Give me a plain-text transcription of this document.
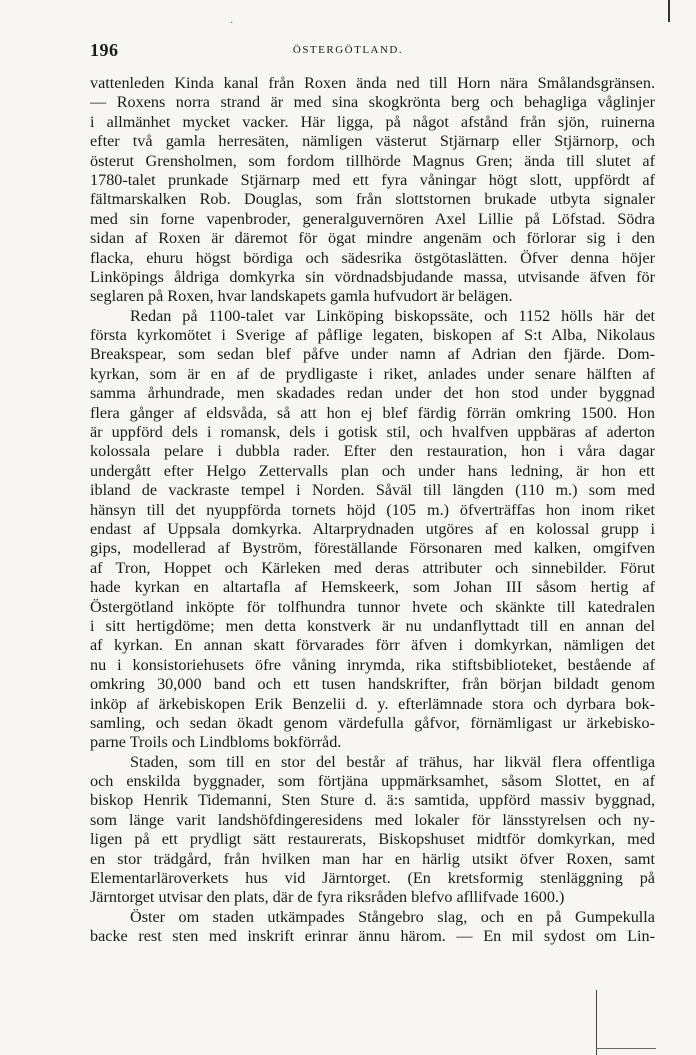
·
196	ÖSTERGÖTLAND.
vattenleden Kinda kanal från Roxen ända ned till Horn nära Smålandsgränsen.
— Roxens norra strand är med sina skogkrönta berg och behagliga våglinjer
i allmänhet mycket vacker. Här ligga, på något afstånd från sjön, ruinerna
efter två gamla herresäten, nämligen västerut Stjärnarp eller Stjärnorp, och
österut Grensholmen, som fordom tillhörde Magnus Gren; ända till slutet af
1780-talet prunkade Stjärnarp med ett fyra våningar högt slott, uppfördt af
fältmarskalken Rob. Douglas, som från slottstornen brukade utbyta signaler
med sin forne vapenbroder, generalguvernören Axel Lillie på Löfstad. Södra
sidan af Roxen är däremot för ögat mindre angenäm och förlorar sig i den
flacka, ehuru högst bördiga och sädesrika östgötaslätten. Öfver denna höjer
Linköpings åldriga domkyrka sin vördnadsbjudande massa, utvisande äfven för
seglaren på Roxen, hvar landskapets gamla hufvudort är belägen.
Redan på 1100-talet var Linköping biskopssäte, och 1152 hölls här det
första kyrkomötet i Sverige af påflige legaten, biskopen af S:t Alba, Nikolaus
Breakspear, som sedan blef påfve under namn af Adrian den fjärde. Dom-
kyrkan, som är en af de prydligaste i riket, anlades under senare hälften af
samma århundrade, men skadades redan under det hon stod under byggnad
flera gånger af eldsvåda, så att hon ej blef färdig förrän omkring 1500. Hon
är uppförd dels i romansk, dels i gotisk stil, och hvalfven uppbäras af aderton
kolossala pelare i dubbla rader. Efter den restauration, hon i våra dagar
undergått efter Helgo Zettervalls plan och under hans ledning, är hon ett
ibland de vackraste tempel i Norden. Såväl till längden (110 m.) som med
hänsyn till det nyuppförda tornets höjd (105 m.) öfverträffas hon inom riket
endast af Uppsala domkyrka. Altarprydnaden utgöres af en kolossal grupp i
gips, modellerad af Byström, föreställande Försonaren med kalken, omgifven
af Tron, Hoppet och Kärleken med deras attributer och sinnebilder. Förut
hade kyrkan en altartafla af Hemskeerk, som Johan III såsom hertig af
Östergötland inköpte för tolfhundra tunnor hvete och skänkte till katedralen
i sitt hertigdöme; men detta konstverk är nu undanflyttadt till en annan del
af kyrkan. En annan skatt förvarades förr äfven i domkyrkan, nämligen det
nu i konsistoriehusets öfre våning inrymda, rika stiftsbiblioteket, bestående af
omkring 30,000 band och ett tusen handskrifter, från början bildadt genom
inköp af ärkebiskopen Erik Benzelii d. y. efterlämnade stora och dyrbara bok-
samling, och sedan ökadt genom värdefulla gåfvor, förnämligast ur ärkebisko-
parne Troils och Lindbloms bokförråd.
Staden, som till en stor del består af trähus, har likväl flera offentliga
och enskilda byggnader, som förtjäna uppmärksamhet, såsom Slottet, en af
biskop Henrik Tidemanni, Sten Sture d. ä:s samtida, uppförd massiv byggnad,
som länge varit landshöfdingeresidens med lokaler för länsstyrelsen och ny-
ligen på ett prydligt sätt restaurerats, Biskopshuset midtför domkyrkan, med
en stor trädgård, från hvilken man har en härlig utsikt öfver Roxen, samt
Elementarläroverkets hus vid Järntorget. (En kretsformig stenläggning på
Järntorget utvisar den plats, där de fyra riksråden blefvo afllifvade 1600.)
Öster om staden utkämpades Stångebro slag, och en på Gumpekulla
backe rest sten med inskrift erinrar ännu härom. — En mil sydost om Lin-
